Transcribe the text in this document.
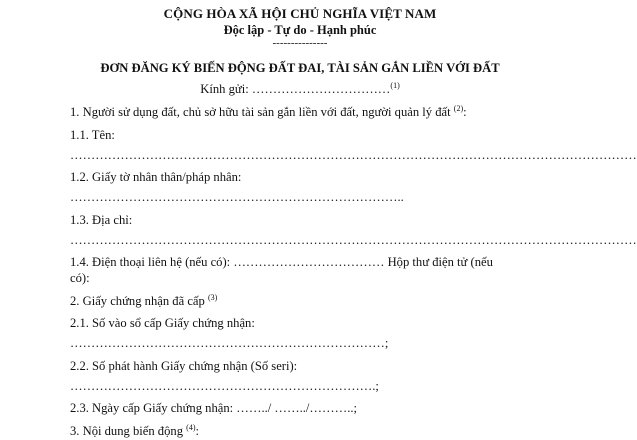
CỘNG HÒA XÃ HỘI CHỦ NGHĨA VIỆT NAM
Độc lập - Tự do - Hạnh phúc
---------------
ĐƠN ĐĂNG KÝ BIẾN ĐỘNG ĐẤT ĐAI, TÀI SẢN GẮN LIỀN VỚI ĐẤT
Kính gửi: ……………………………$^{(1)}$
1. Người sử dụng đất, chủ sở hữu tài sản gắn liền với đất, người quản lý đất $^{(2)}$:
1.1. Tên:
………………………………………………………………………………………………………………………
1.2. Giấy tờ nhân thân/pháp nhân:
……………………………………………………………………..
1.3. Địa chỉ:
………………………………………………………………………………………………………………………
1.4. Điện thoại liên hệ (nếu có): ……………………………… Hộp thư điện tử (nếu
có):
2. Giấy chứng nhận đã cấp $^{(3)}$
2.1. Số vào sổ cấp Giấy chứng nhận:
…………………………………………………………………;
2.2. Số phát hành Giấy chứng nhận (Số seri):
……………………………………………………………….;
2.3. Ngày cấp Giấy chứng nhận: ……../ ……../………..;
3. Nội dung biến động $^{(4)}$:
